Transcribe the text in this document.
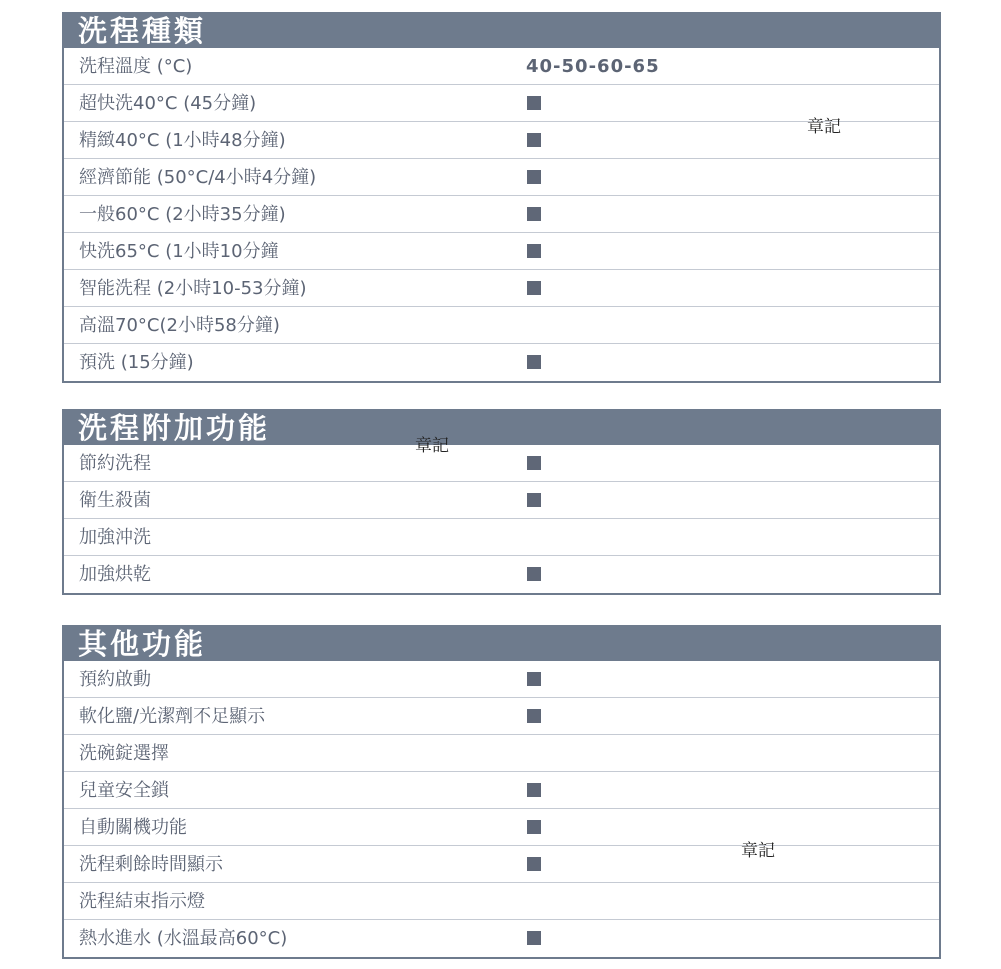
洗程種類
洗程溫度 (°C)	40-50-60-65
超快洗40°C (45分鐘)
精緻40°C (1小時48分鐘)
經濟節能 (50°C/4小時4分鐘)
一般60°C (2小時35分鐘)
快洗65°C (1小時10分鐘
智能洗程 (2小時10-53分鐘)
高溫70°C(2小時58分鐘)
預洗 (15分鐘)
洗程附加功能
節約洗程
衛生殺菌
加強沖洗
加強烘乾
其他功能
預約啟動
軟化鹽/光潔劑不足顯示
洗碗錠選擇
兒童安全鎖
自動關機功能
洗程剩餘時間顯示
洗程結束指示燈
熱水進水 (水溫最高60°C)
章記
章記
章記
